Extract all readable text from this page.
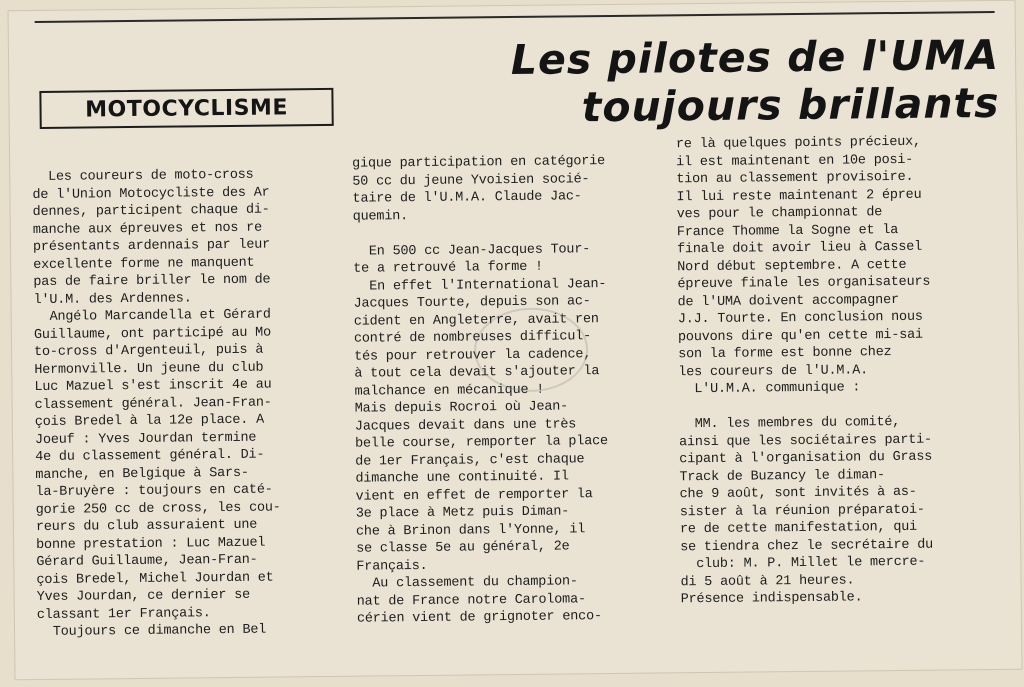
MOTOCYCLISME
Les pilotes de l'UMA
toujours brillants
Les coureurs de moto-cross
de l'Union Motocycliste des Ar
dennes, participent chaque di-
manche aux épreuves et nos re
présentants ardennais par leur
excellente forme ne manquent
pas de faire briller le nom de
l'U.M. des Ardennes.
Angélo Marcandella et Gérard
Guillaume, ont participé au Mo
to-cross d'Argenteuil, puis à
Hermonville. Un jeune du club
Luc Mazuel s'est inscrit 4e au
classement général. Jean-Fran-
çois Bredel à la 12e place. A
Joeuf : Yves Jourdan termine
4e du classement général. Di-
manche, en Belgique à Sars-
la-Bruyère : toujours en caté-
gorie 250 cc de cross, les cou-
reurs du club assuraient une
bonne prestation : Luc Mazuel
Gérard Guillaume, Jean-Fran-
çois Bredel, Michel Jourdan et
Yves Jourdan, ce dernier se
classant 1er Français.
Toujours ce dimanche en Bel
gique participation en catégorie
50 cc du jeune Yvoisien socié-
taire de l'U.M.A. Claude Jac-
quemin.

En 500 cc Jean-Jacques Tour-
te a retrouvé la forme !
En effet l'International Jean-
Jacques Tourte, depuis son ac-
cident en Angleterre, avait ren
contré de nombreuses difficul-
tés pour retrouver la cadence,
à tout cela devait s'ajouter la
malchance en mécanique !
Mais depuis Rocroi où Jean-
Jacques devait dans une très
belle course, remporter la place
de 1er Français, c'est chaque
dimanche une continuité. Il
vient en effet de remporter la
3e place à Metz puis Diman-
che à Brinon dans l'Yonne, il
se classe 5e au général, 2e
Français.
Au classement du champion-
nat de France notre Caroloma-
cérien vient de grignoter enco-
re là quelques points précieux,
il est maintenant en 10e posi-
tion au classement provisoire.
Il lui reste maintenant 2 épreu
ves pour le championnat de
France Thomme la Sogne et la
finale doit avoir lieu à Cassel
Nord début septembre. A cette
épreuve finale les organisateurs
de l'UMA doivent accompagner
J.J. Tourte. En conclusion nous
pouvons dire qu'en cette mi-sai
son la forme est bonne chez
les coureurs de l'U.M.A.
L'U.M.A. communique :

MM. les membres du comité,
ainsi que les sociétaires parti-
cipant à l'organisation du Grass
Track de Buzancy le diman-
che 9 août, sont invités à as-
sister à la réunion préparatoi-
re de cette manifestation, qui
se tiendra chez le secrétaire du
club: M. P. Millet le mercre-
di 5 août à 21 heures.
Présence indispensable.
